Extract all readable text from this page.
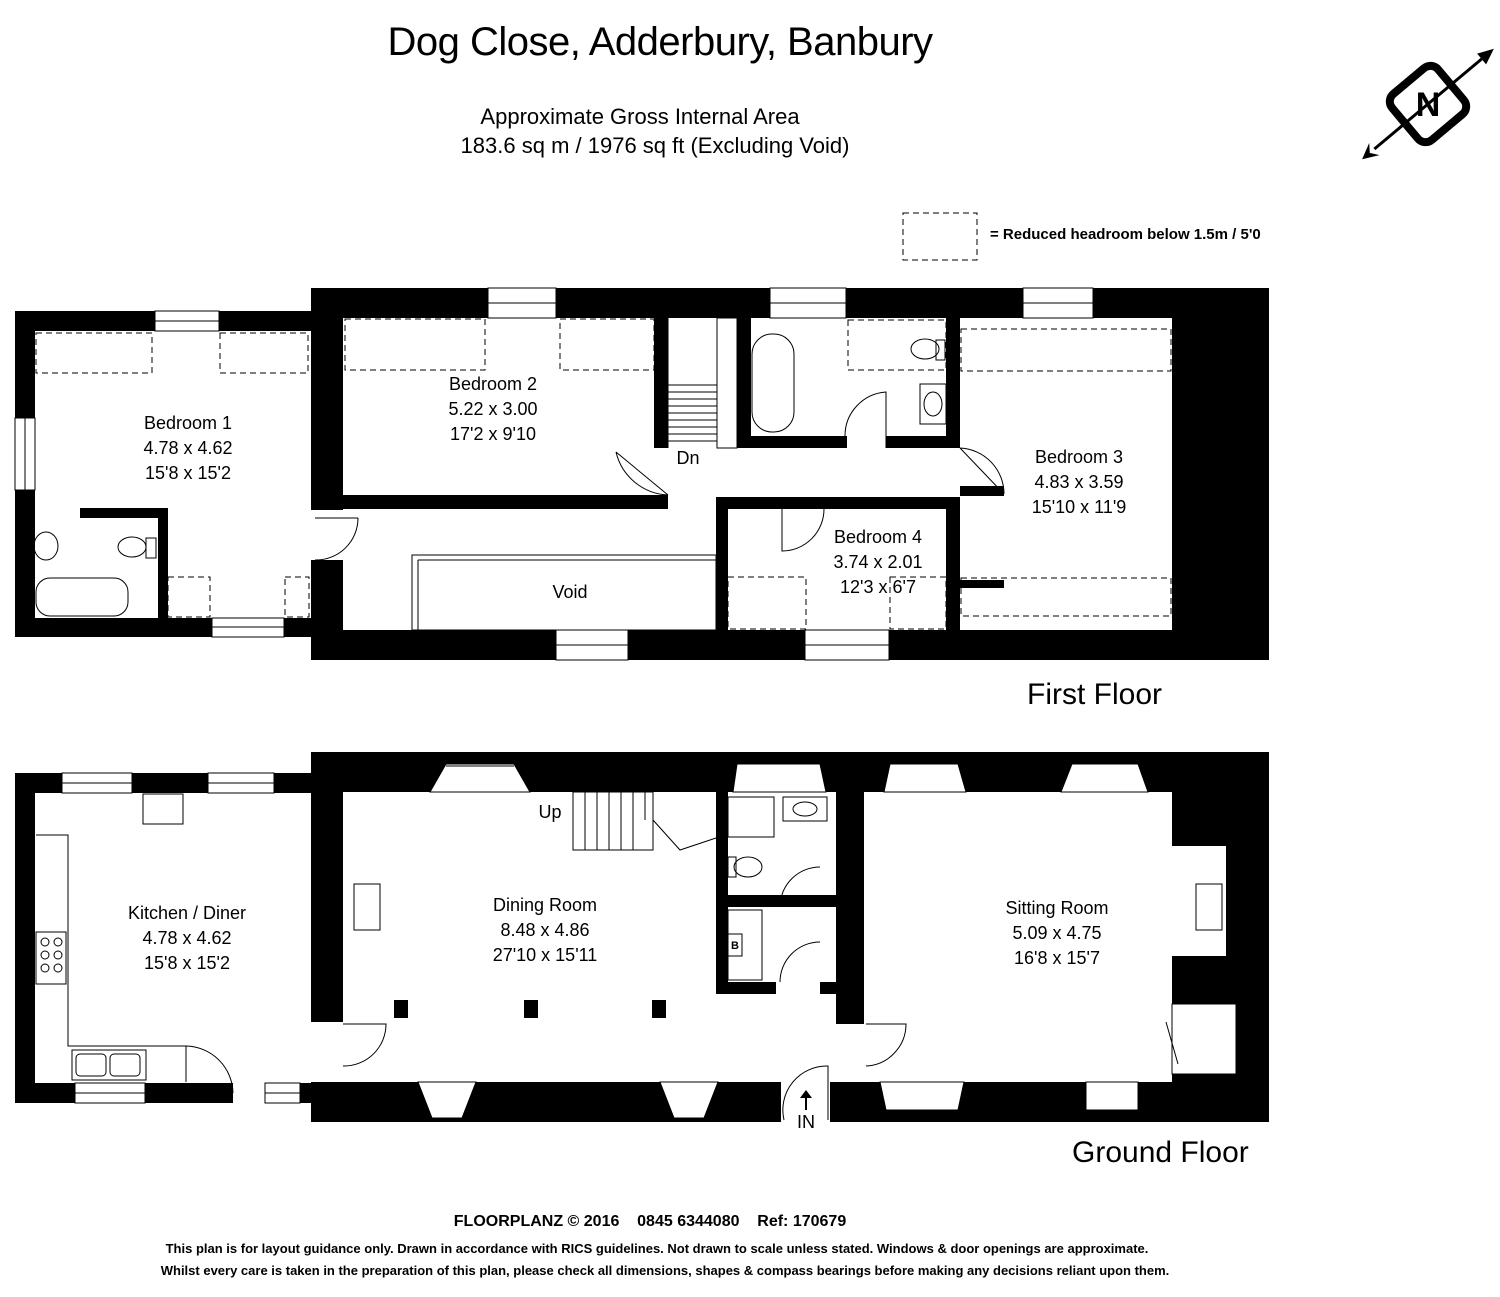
Dog Close, Adderbury, Banbury
Approximate Gross Internal Area
183.6 sq m / 1976 sq ft (Excluding Void)
= Reduced headroom below 1.5m / 5'0
N
B
Bedroom 1
4.78 x 4.62
15'8 x 15'2
Bedroom 2
5.22 x 3.00
17'2 x 9'10
Bedroom 3
4.83 x 3.59
15'10 x 11'9
Bedroom 4
3.74 x 2.01
12'3 x 6'7
Void
Dn
Kitchen / Diner
4.78 x 4.62
15'8 x 15'2
Dining Room
8.48 x 4.86
27'10 x 15'11
Sitting Room
5.09 x 4.75
16'8 x 15'7
Up
IN
First Floor
Ground Floor
FLOORPLANZ © 2016    0845 6344080    Ref: 170679
This plan is for layout guidance only. Drawn in accordance with RICS guidelines. Not drawn to scale unless stated. Windows & door openings are approximate.
Whilst every care is taken in the preparation of this plan, please check all dimensions, shapes & compass bearings before making any decisions reliant upon them.
